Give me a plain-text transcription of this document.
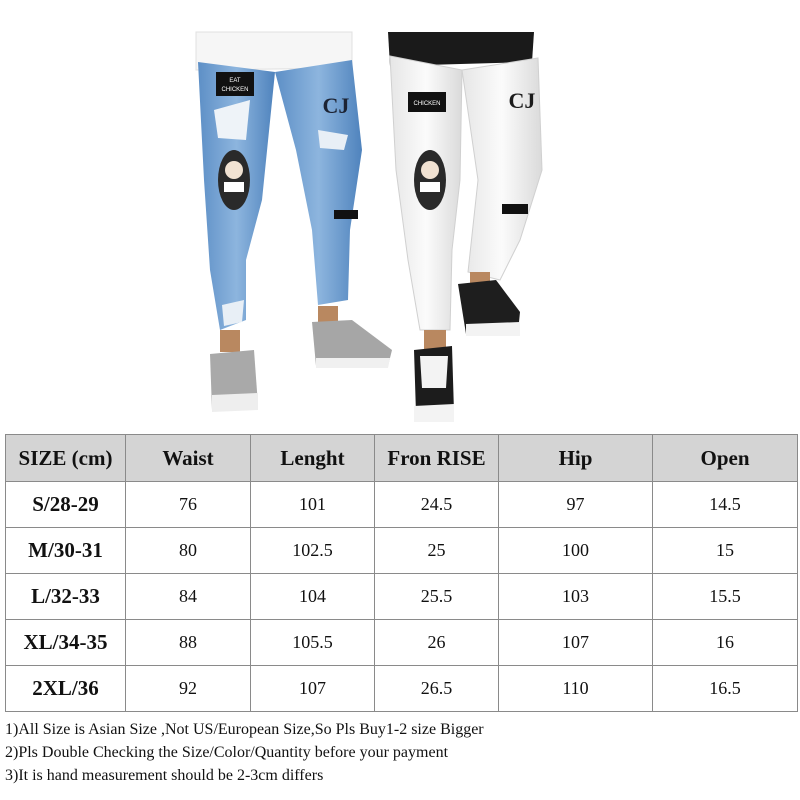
EAT
CHICKEN
CJ	CHICKEN	CJ
SIZE (cm)	Waist	Lenght	Fron RISE	Hip	Open
S/28-29	76	101	24.5	97	14.5
M/30-31	80	102.5	25	100	15
L/32-33	84	104	25.5	103	15.5
XL/34-35	88	105.5	26	107	16
2XL/36	92	107	26.5	110	16.5
1)All Size is Asian Size ,Not US/European Size,So Pls Buy1-2 size Bigger
2)Pls Double Checking the Size/Color/Quantity before your payment
3)It is hand measurement should be 2-3cm differs
